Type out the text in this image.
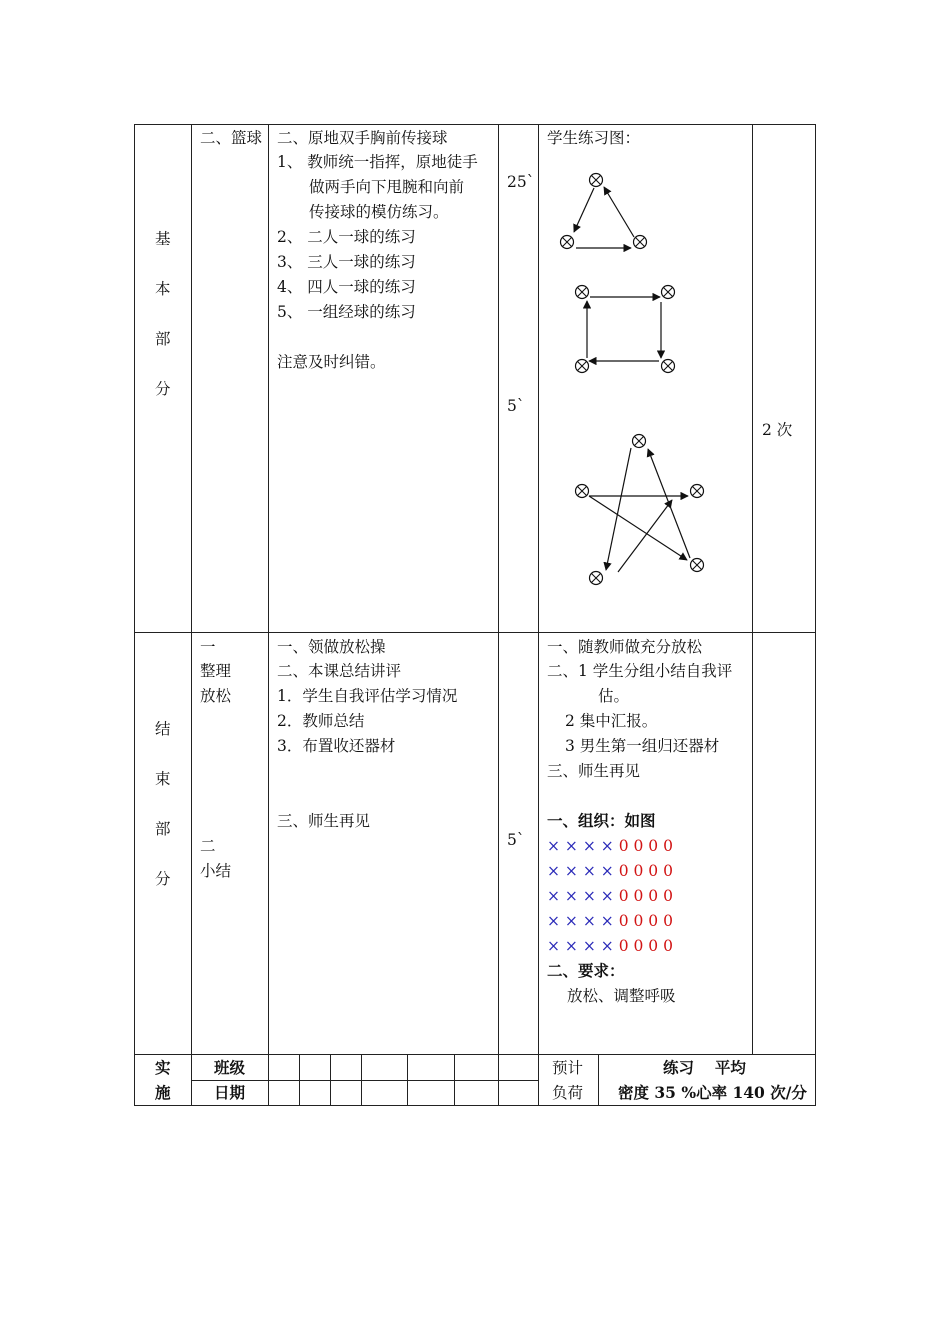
基
本
部
分
二、篮球 二、原地双手胸前传接球
1、 教师统一指挥，原地徒手
做两手向下甩腕和向前
传接球的模仿练习。
2、 二人一球的练习
3、 三人一球的练习
4、 四人一球的练习
5、 一组经球的练习
注意及时纠错。
25`
5`
学生练习图：
2 次
结
束
部
分
一
整理
放松
二
小结
一、领做放松操
二、本课总结讲评
1．学生自我评估学习情况
2．教师总结
3．布置收还器材
三、师生再见
5`
一、随教师做充分放松
二、1 学生分组小结自我评
估。
2 集中汇报。
3 男生第一组归还器材
三、师生再见
一、组织：如图
× × × × 0 0 0 0
× × × × 0 0 0 0
× × × × 0 0 0 0
× × × × 0 0 0 0
× × × × 0 0 0 0
二、要求：
放松、调整呼吸
实
施
班级
日期
预计
负荷
练习　 平均
密度 35 %心率 140 次/分
